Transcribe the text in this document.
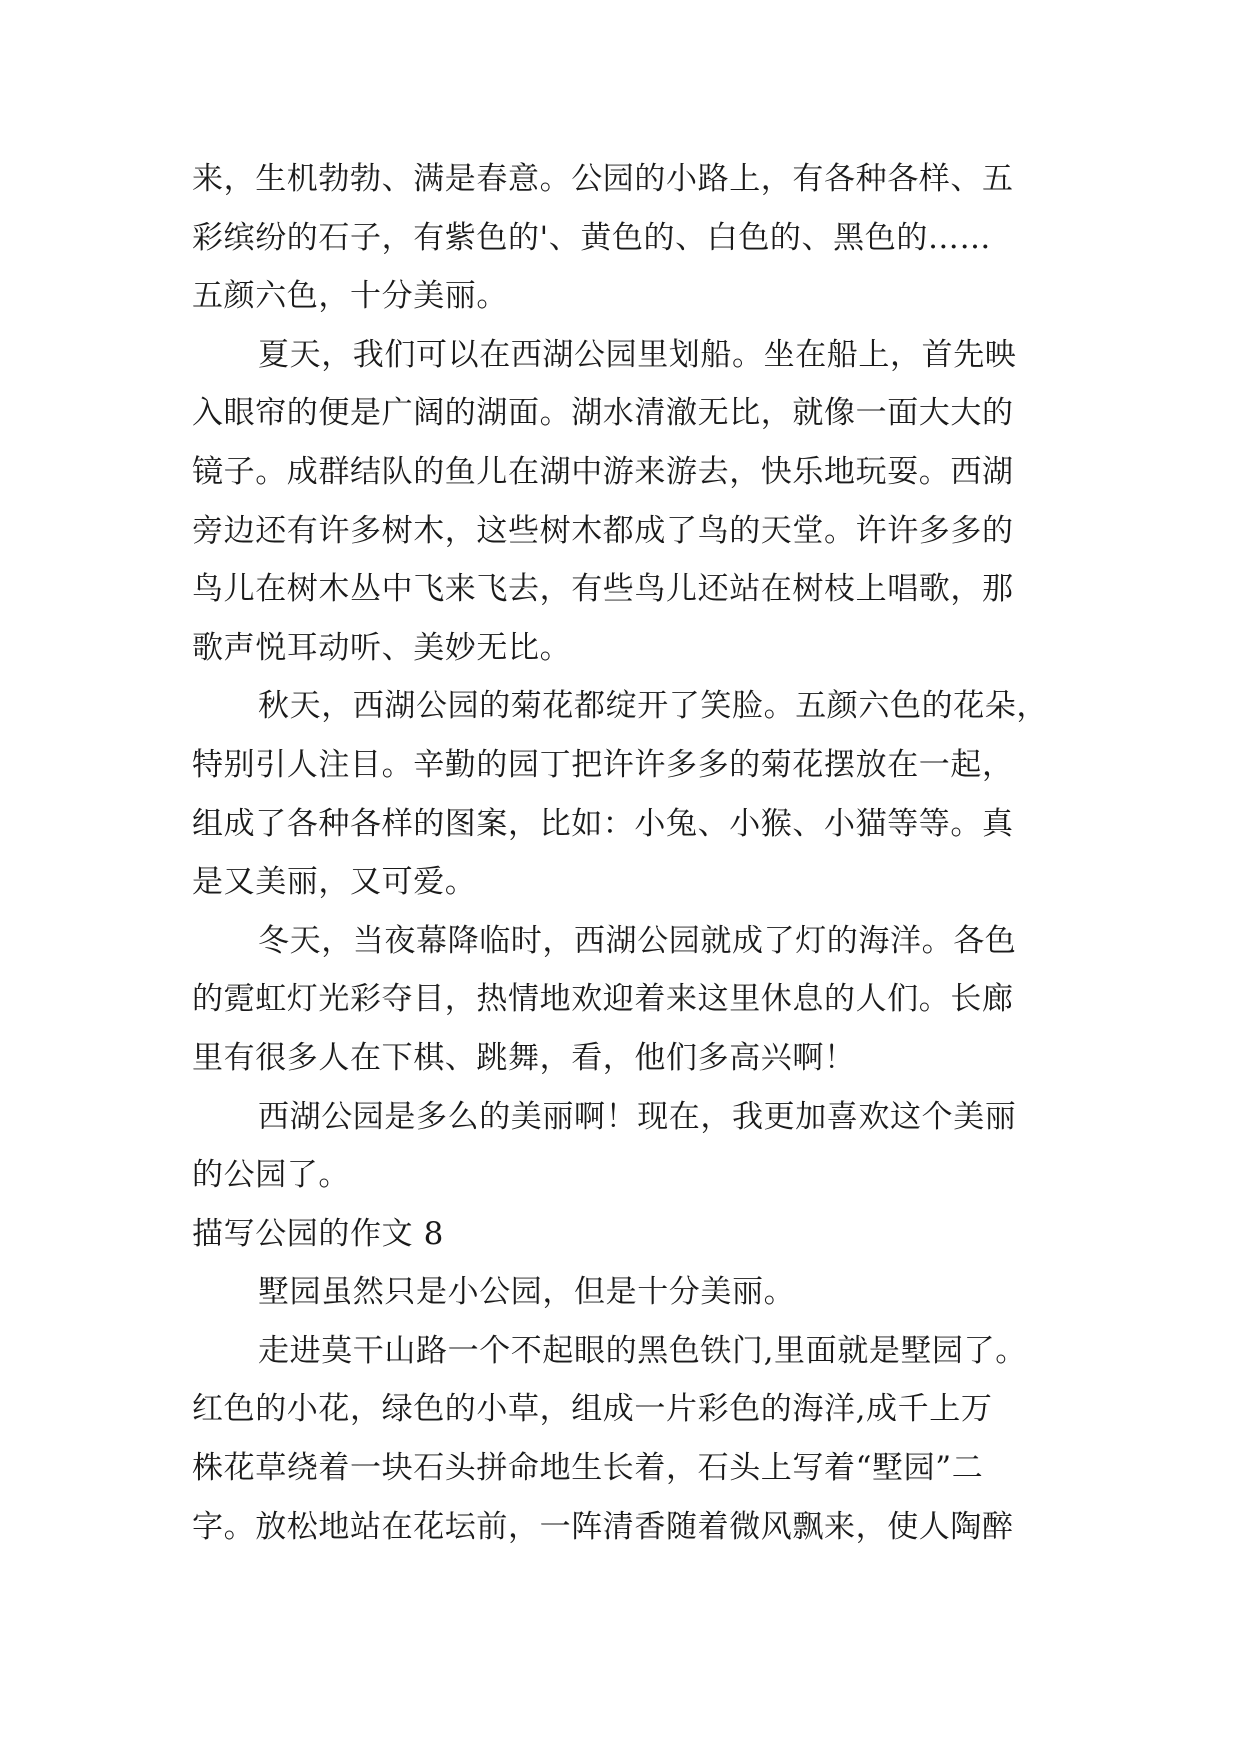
来，生机勃勃、满是春意。公园的小路上，有各种各样、五
彩缤纷的石子，有紫色的'、黄色的、白色的、黑色的……
五颜六色，十分美丽。
夏天，我们可以在西湖公园里划船。坐在船上，首先映
入眼帘的便是广阔的湖面。湖水清澈无比，就像一面大大的
镜子。成群结队的鱼儿在湖中游来游去，快乐地玩耍。西湖
旁边还有许多树木，这些树木都成了鸟的天堂。许许多多的
鸟儿在树木丛中飞来飞去，有些鸟儿还站在树枝上唱歌，那
歌声悦耳动听、美妙无比。
秋天，西湖公园的菊花都绽开了笑脸。五颜六色的花朵，
特别引人注目。辛勤的园丁把许许多多的菊花摆放在一起，
组成了各种各样的图案，比如：小兔、小猴、小猫等等。真
是又美丽，又可爱。
冬天，当夜幕降临时，西湖公园就成了灯的海洋。各色
的霓虹灯光彩夺目，热情地欢迎着来这里休息的人们。长廊
里有很多人在下棋、跳舞，看，他们多高兴啊！
西湖公园是多么的美丽啊！现在，我更加喜欢这个美丽
的公园了。
描写公园的作文 8
墅园虽然只是小公园，但是十分美丽。
走进莫干山路一个不起眼的黑色铁门,里面就是墅园了。
红色的小花，绿色的小草，组成一片彩色的海洋,成千上万
株花草绕着一块石头拼命地生长着，石头上写着“墅园”二
字。放松地站在花坛前，一阵清香随着微风飘来，使人陶醉
